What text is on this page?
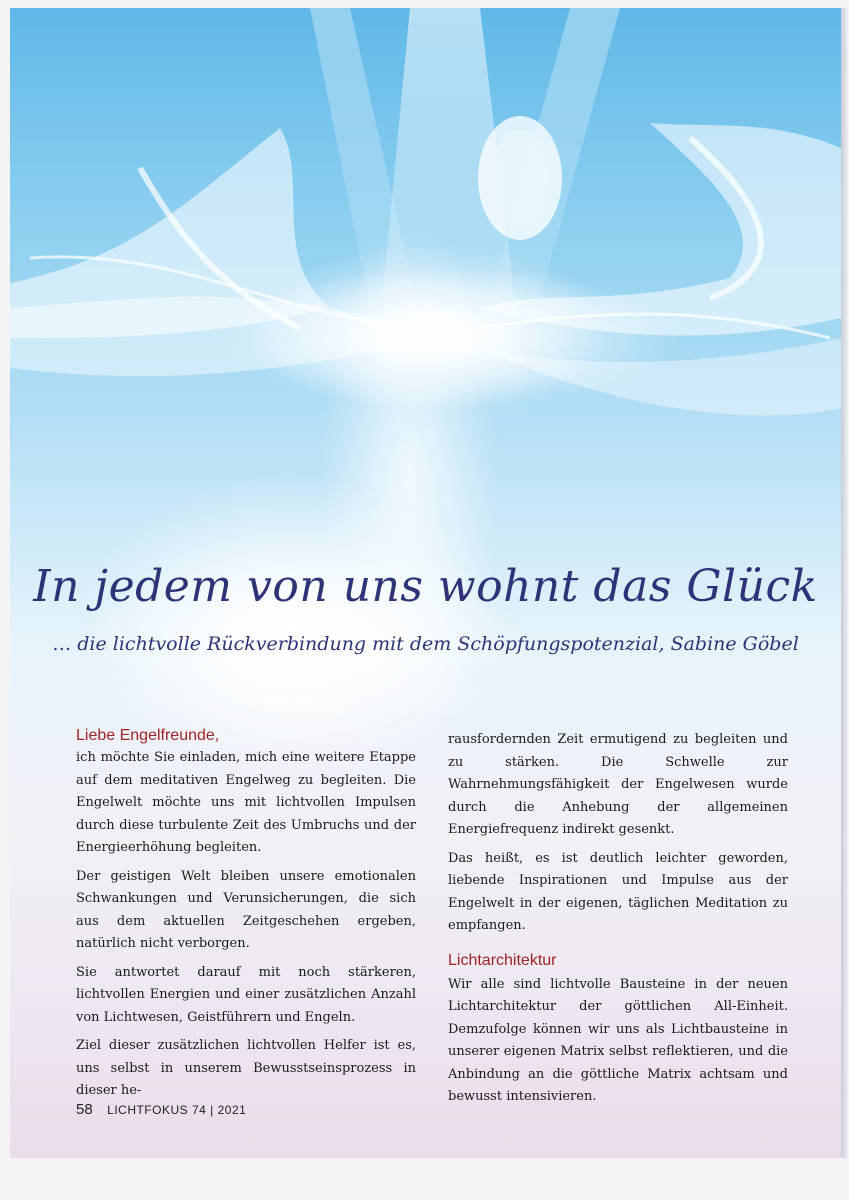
In jedem von uns wohnt das Glück

… die lichtvolle Rückverbindung mit dem Schöpfungspotenzial, Sabine Göbel

Liebe Engelfreunde,

ich möchte Sie einladen, mich eine weitere Etappe auf dem meditativen Engelweg zu begleiten. Die Engelwelt möchte uns mit lichtvollen Impulsen durch diese turbulente Zeit des Umbruchs und der Energieerhöhung begleiten.

Der geistigen Welt bleiben unsere emotionalen Schwankungen und Verunsicherungen, die sich aus dem aktuellen Zeitgeschehen ergeben, natürlich nicht verborgen.

Sie antwortet darauf mit noch stärkeren, lichtvollen Energien und einer zusätzlichen Anzahl von Lichtwesen, Geistführern und Engeln.

Ziel dieser zusätzlichen lichtvollen Helfer ist es, uns selbst in unserem Bewusstseinsprozess in dieser he-

rausfordernden Zeit ermutigend zu begleiten und zu stärken. Die Schwelle zur Wahrnehmungsfähigkeit der Engelwesen wurde durch die Anhebung der allgemeinen Energiefrequenz indirekt gesenkt.

Das heißt, es ist deutlich leichter geworden, liebende Inspirationen und Impulse aus der Engelwelt in der eigenen, täglichen Meditation zu empfangen.

Lichtarchitektur

Wir alle sind lichtvolle Bausteine in der neuen Lichtarchitektur der göttlichen All-Einheit. Demzufolge können wir uns als Lichtbausteine in unserer eigenen Matrix selbst reflektieren, und die Anbindung an die göttliche Matrix achtsam und bewusst intensivieren.

58 LICHTFOKUS 74 | 2021
